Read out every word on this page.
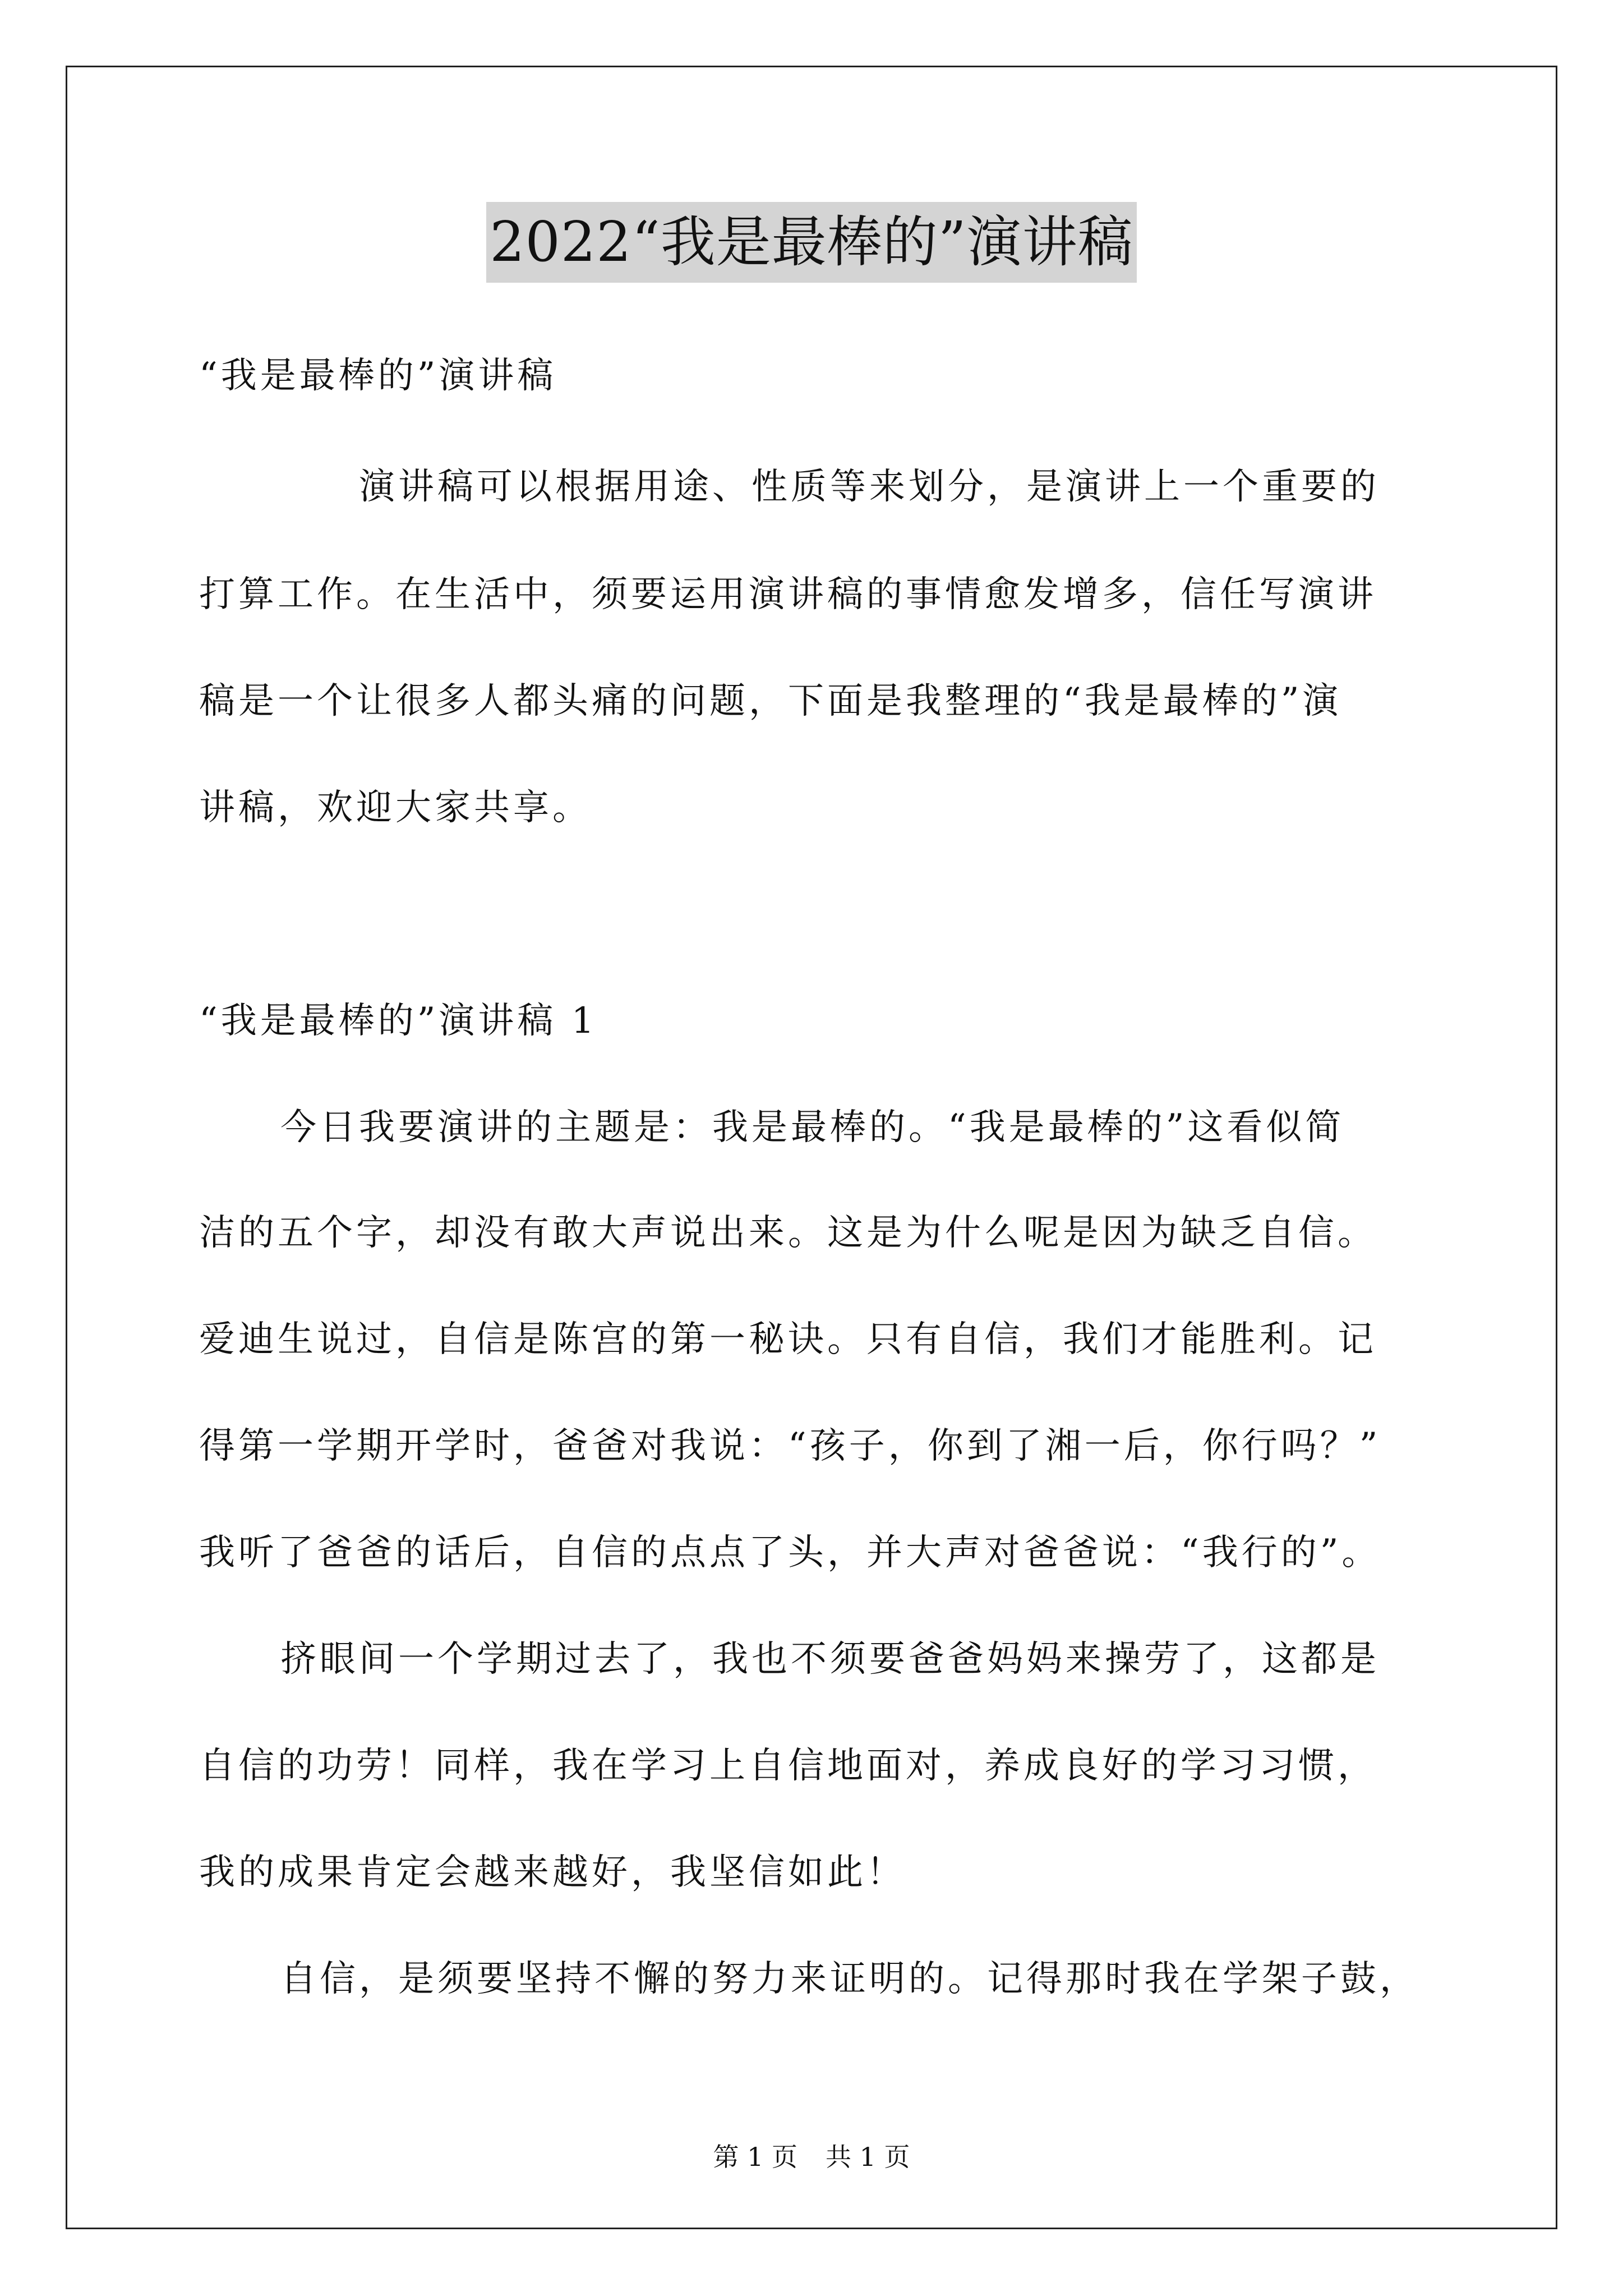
2022“我是最棒的”演讲稿
“我是最棒的”演讲稿
演讲稿可以根据用途、性质等来划分，是演讲上一个重要的
打算工作。在生活中，须要运用演讲稿的事情愈发增多，信任写演讲
稿是一个让很多人都头痛的问题，下面是我整理的“我是最棒的”演
讲稿，欢迎大家共享。
“我是最棒的”演讲稿 1
今日我要演讲的主题是：我是最棒的。“我是最棒的”这看似简
洁的五个字，却没有敢大声说出来。这是为什么呢是因为缺乏自信。
爱迪生说过，自信是陈宫的第一秘诀。只有自信，我们才能胜利。记
得第一学期开学时，爸爸对我说：“孩子，你到了湘一后，你行吗？”
我听了爸爸的话后，自信的点点了头，并大声对爸爸说：“我行的”。
挤眼间一个学期过去了，我也不须要爸爸妈妈来操劳了，这都是
自信的功劳！同样，我在学习上自信地面对，养成良好的学习习惯，
我的成果肯定会越来越好，我坚信如此！
自信，是须要坚持不懈的努力来证明的。记得那时我在学架子鼓，
第 1 页 共 1 页
